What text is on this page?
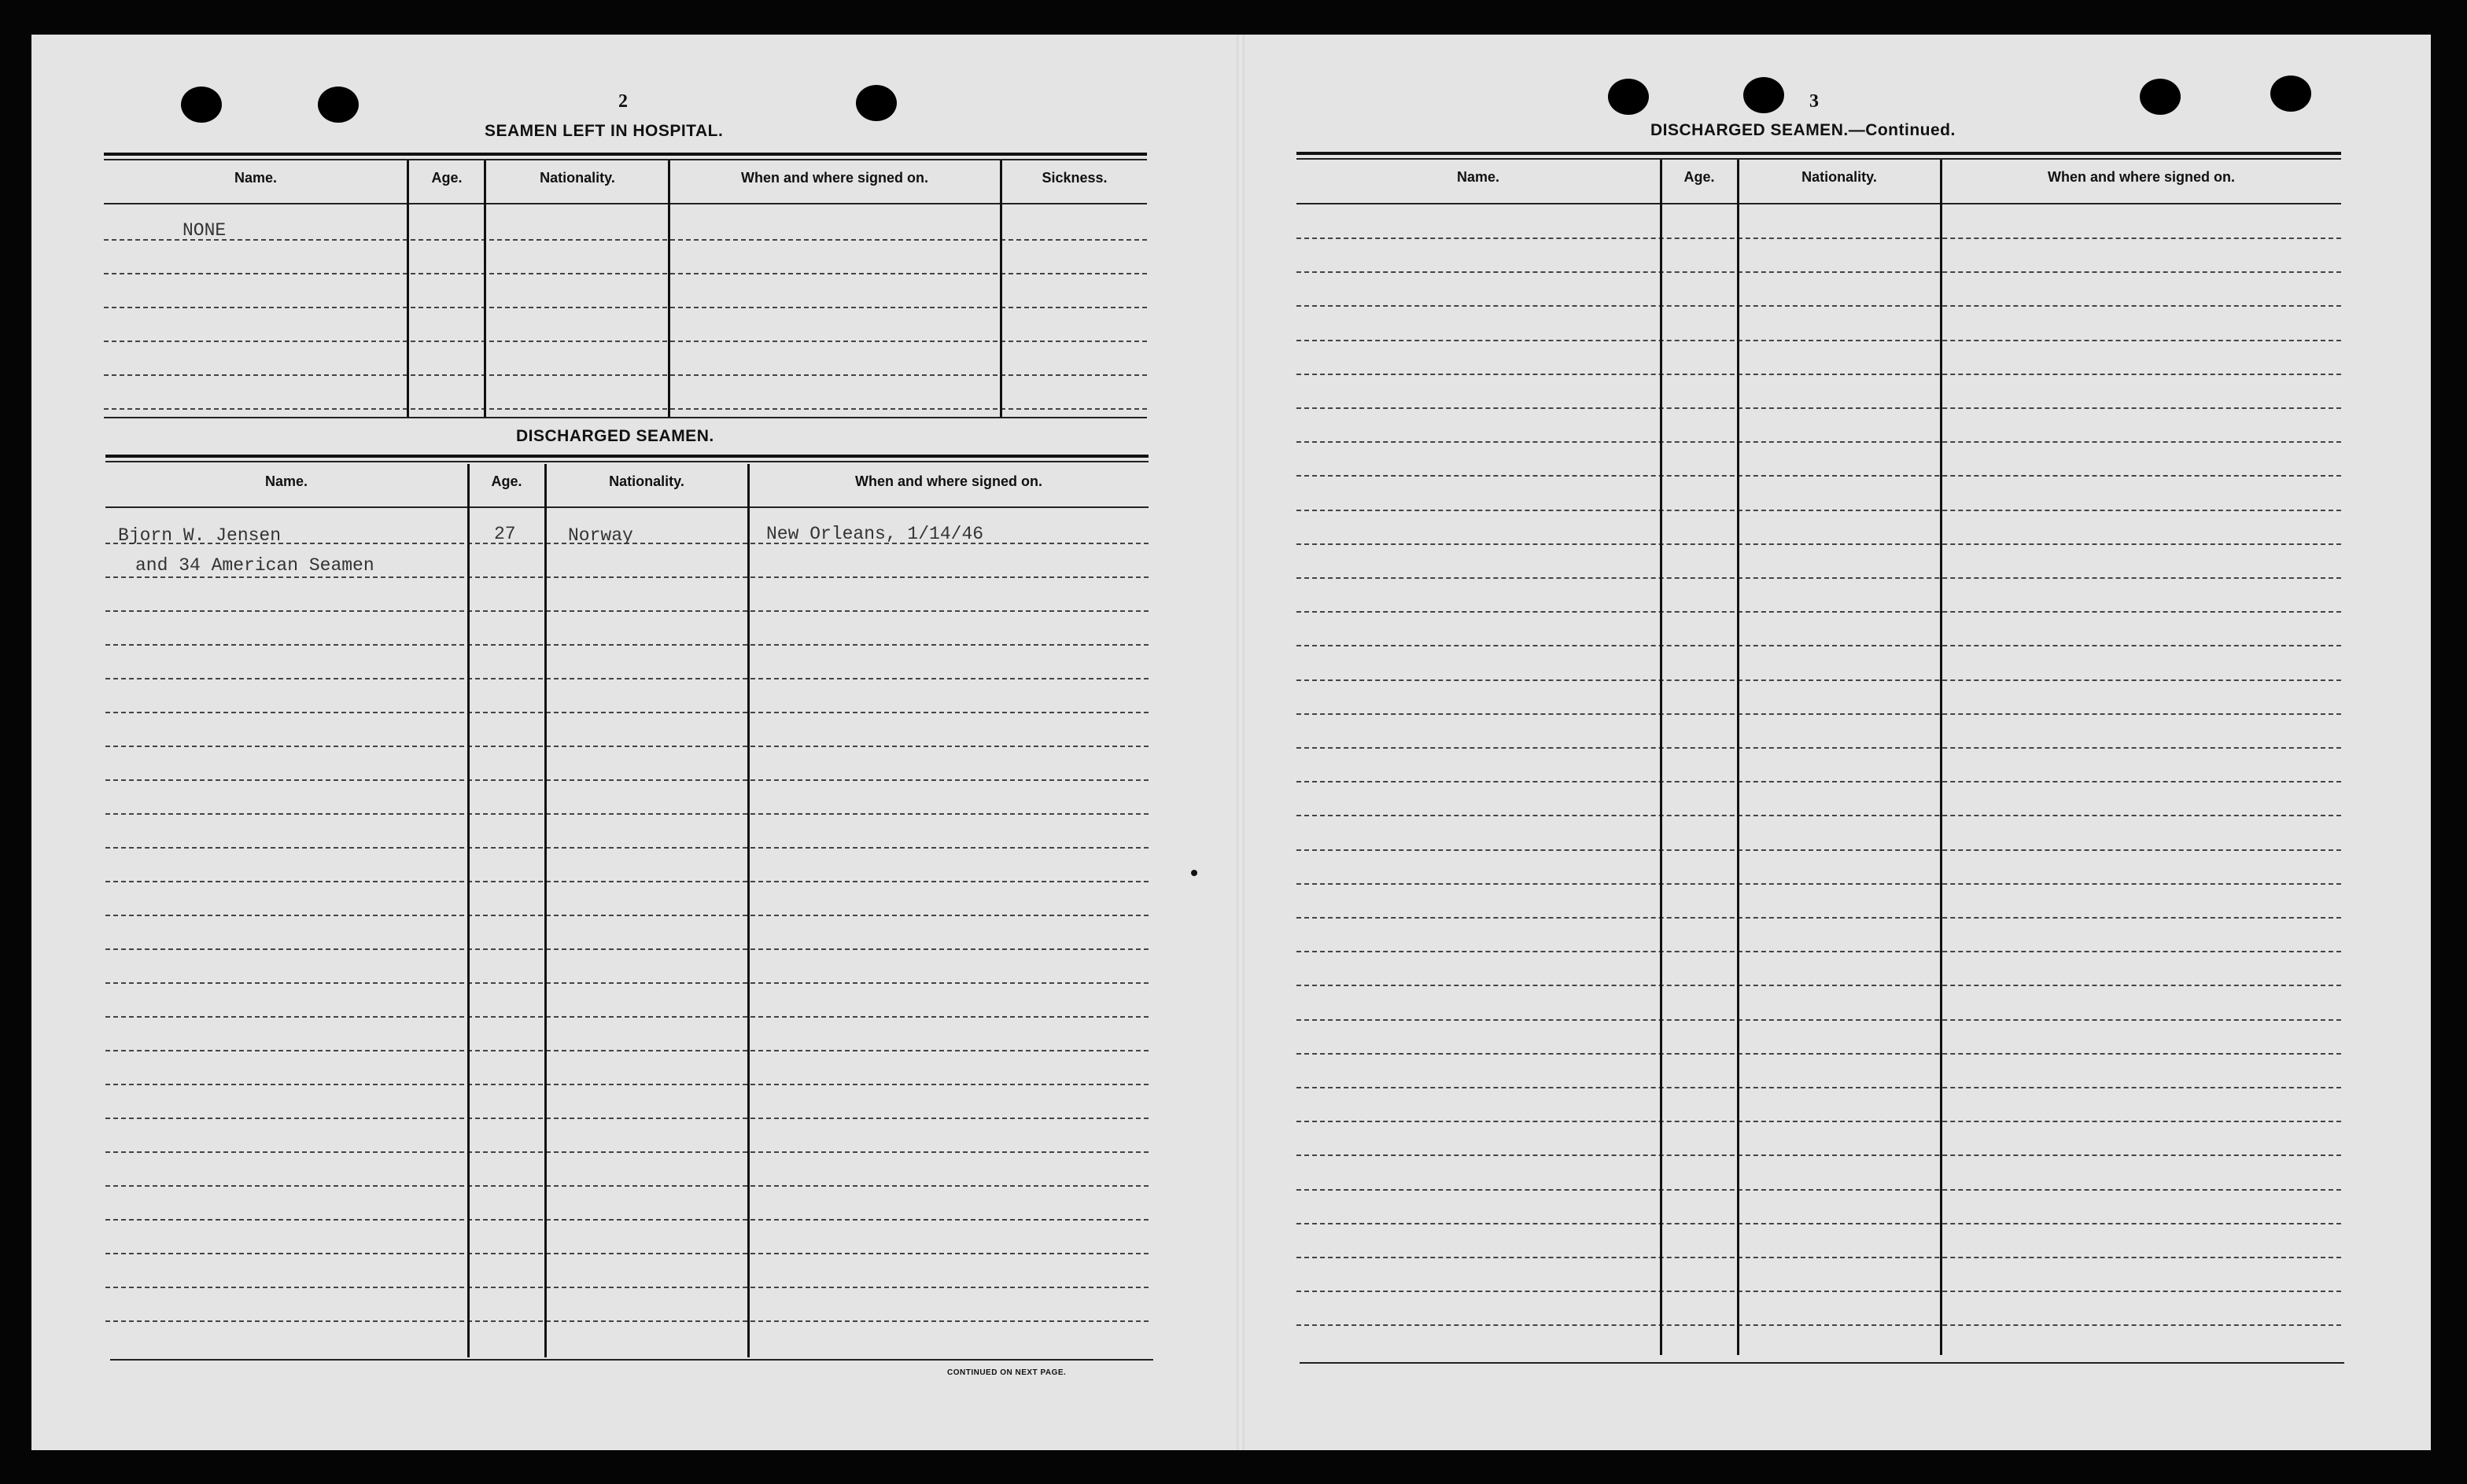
2
SEAMEN LEFT IN HOSPITAL.
Name.	Age.	Nationality.	When and where signed on.	Sickness.
NONE
DISCHARGED SEAMEN.
Name.	Age.	Nationality.	When and where signed on.
Bjorn W. Jensen	27	Norway	New Orleans, 1/14/46
and 34 American Seamen
CONTINUED ON NEXT PAGE.
3
DISCHARGED SEAMEN.—Continued.
Name.	Age.	Nationality.	When and where signed on.
